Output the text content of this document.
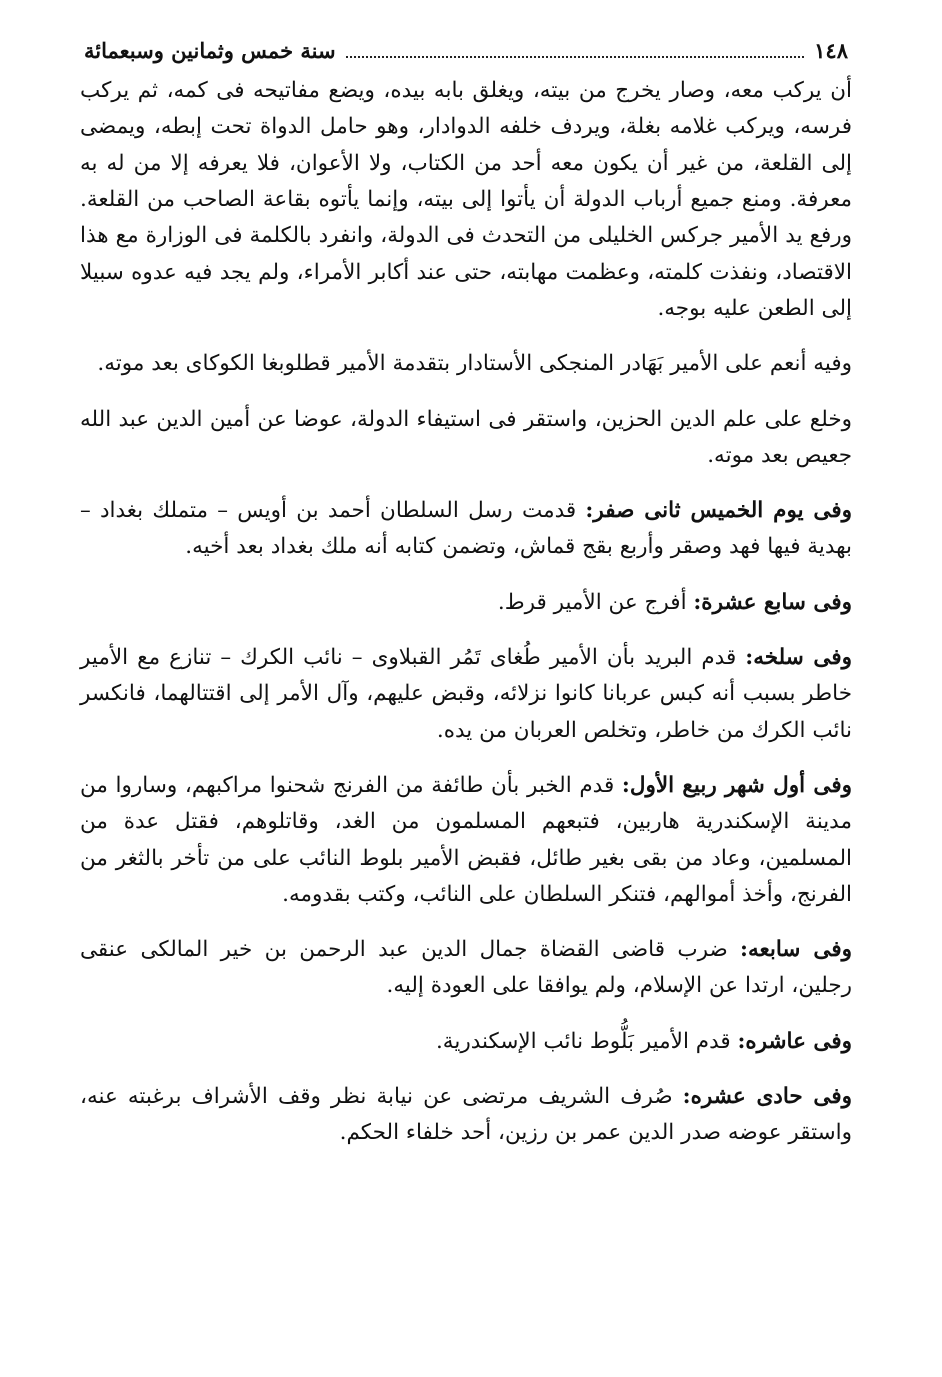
١٤٨
سنة خمس وثمانين وسبعمائة

أن يركب معه، وصار يخرج من بيته، ويغلق بابه بيده، ويضع مفاتيحه فى كمه، ثم يركب فرسه، ويركب غلامه بغلة، ويردف خلفه الدوادار، وهو حامل الدواة تحت إبطه، ويمضى إلى القلعة، من غير أن يكون معه أحد من الكتاب، ولا الأعوان، فلا يعرفه إلا من له به معرفة. ومنع جميع أرباب الدولة أن يأتوا إلى بيته، وإنما يأتوه بقاعة الصاحب من القلعة. ورفع يد الأمير جركس الخليلى من التحدث فى الدولة، وانفرد بالكلمة فى الوزارة مع هذا الاقتصاد، ونفذت كلمته، وعظمت مهابته، حتى عند أكابر الأمراء، ولم يجد فيه عدوه سبيلا إلى الطعن عليه بوجه.

وفيه أنعم على الأمير بَهَادر المنجكى الأستادار بتقدمة الأمير قطلوبغا الكوكاى بعد موته.

وخلع على علم الدين الحزين، واستقر فى استيفاء الدولة، عوضا عن أمين الدين عبد الله جعيص بعد موته.

وفى يوم الخميس ثانى صفر: قدمت رسل السلطان أحمد بن أويس – متملك بغداد – بهدية فيها فهد وصقر وأربع بقج قماش، وتضمن كتابه أنه ملك بغداد بعد أخيه.

وفى سابع عشرة: أفرج عن الأمير قرط.

وفى سلخه: قدم البريد بأن الأمير طُغاى تَمُر القبلاوى – نائب الكرك – تنازع مع الأمير خاطر بسبب أنه كبس عربانا كانوا نزلائه، وقبض عليهم، وآل الأمر إلى اقتتالهما، فانكسر نائب الكرك من خاطر، وتخلص العربان من يده.

وفى أول شهر ربيع الأول: قدم الخبر بأن طائفة من الفرنج شحنوا مراكبهم، وساروا من مدينة الإسكندرية هاربين، فتبعهم المسلمون من الغد، وقاتلوهم، فقتل عدة من المسلمين، وعاد من بقى بغير طائل، فقبض الأمير بلوط النائب على من تأخر بالثغر من الفرنج، وأخذ أموالهم، فتنكر السلطان على النائب، وكتب بقدومه.

وفى سابعه: ضرب قاضى القضاة جمال الدين عبد الرحمن بن خير المالكى عنقى رجلين، ارتدا عن الإسلام، ولم يوافقا على العودة إليه.

وفى عاشره: قدم الأمير بَلُّوط نائب الإسكندرية.

وفى حادى عشره: صُرف الشريف مرتضى عن نيابة نظر وقف الأشراف برغبته عنه، واستقر عوضه صدر الدين عمر بن رزين، أحد خلفاء الحكم.
